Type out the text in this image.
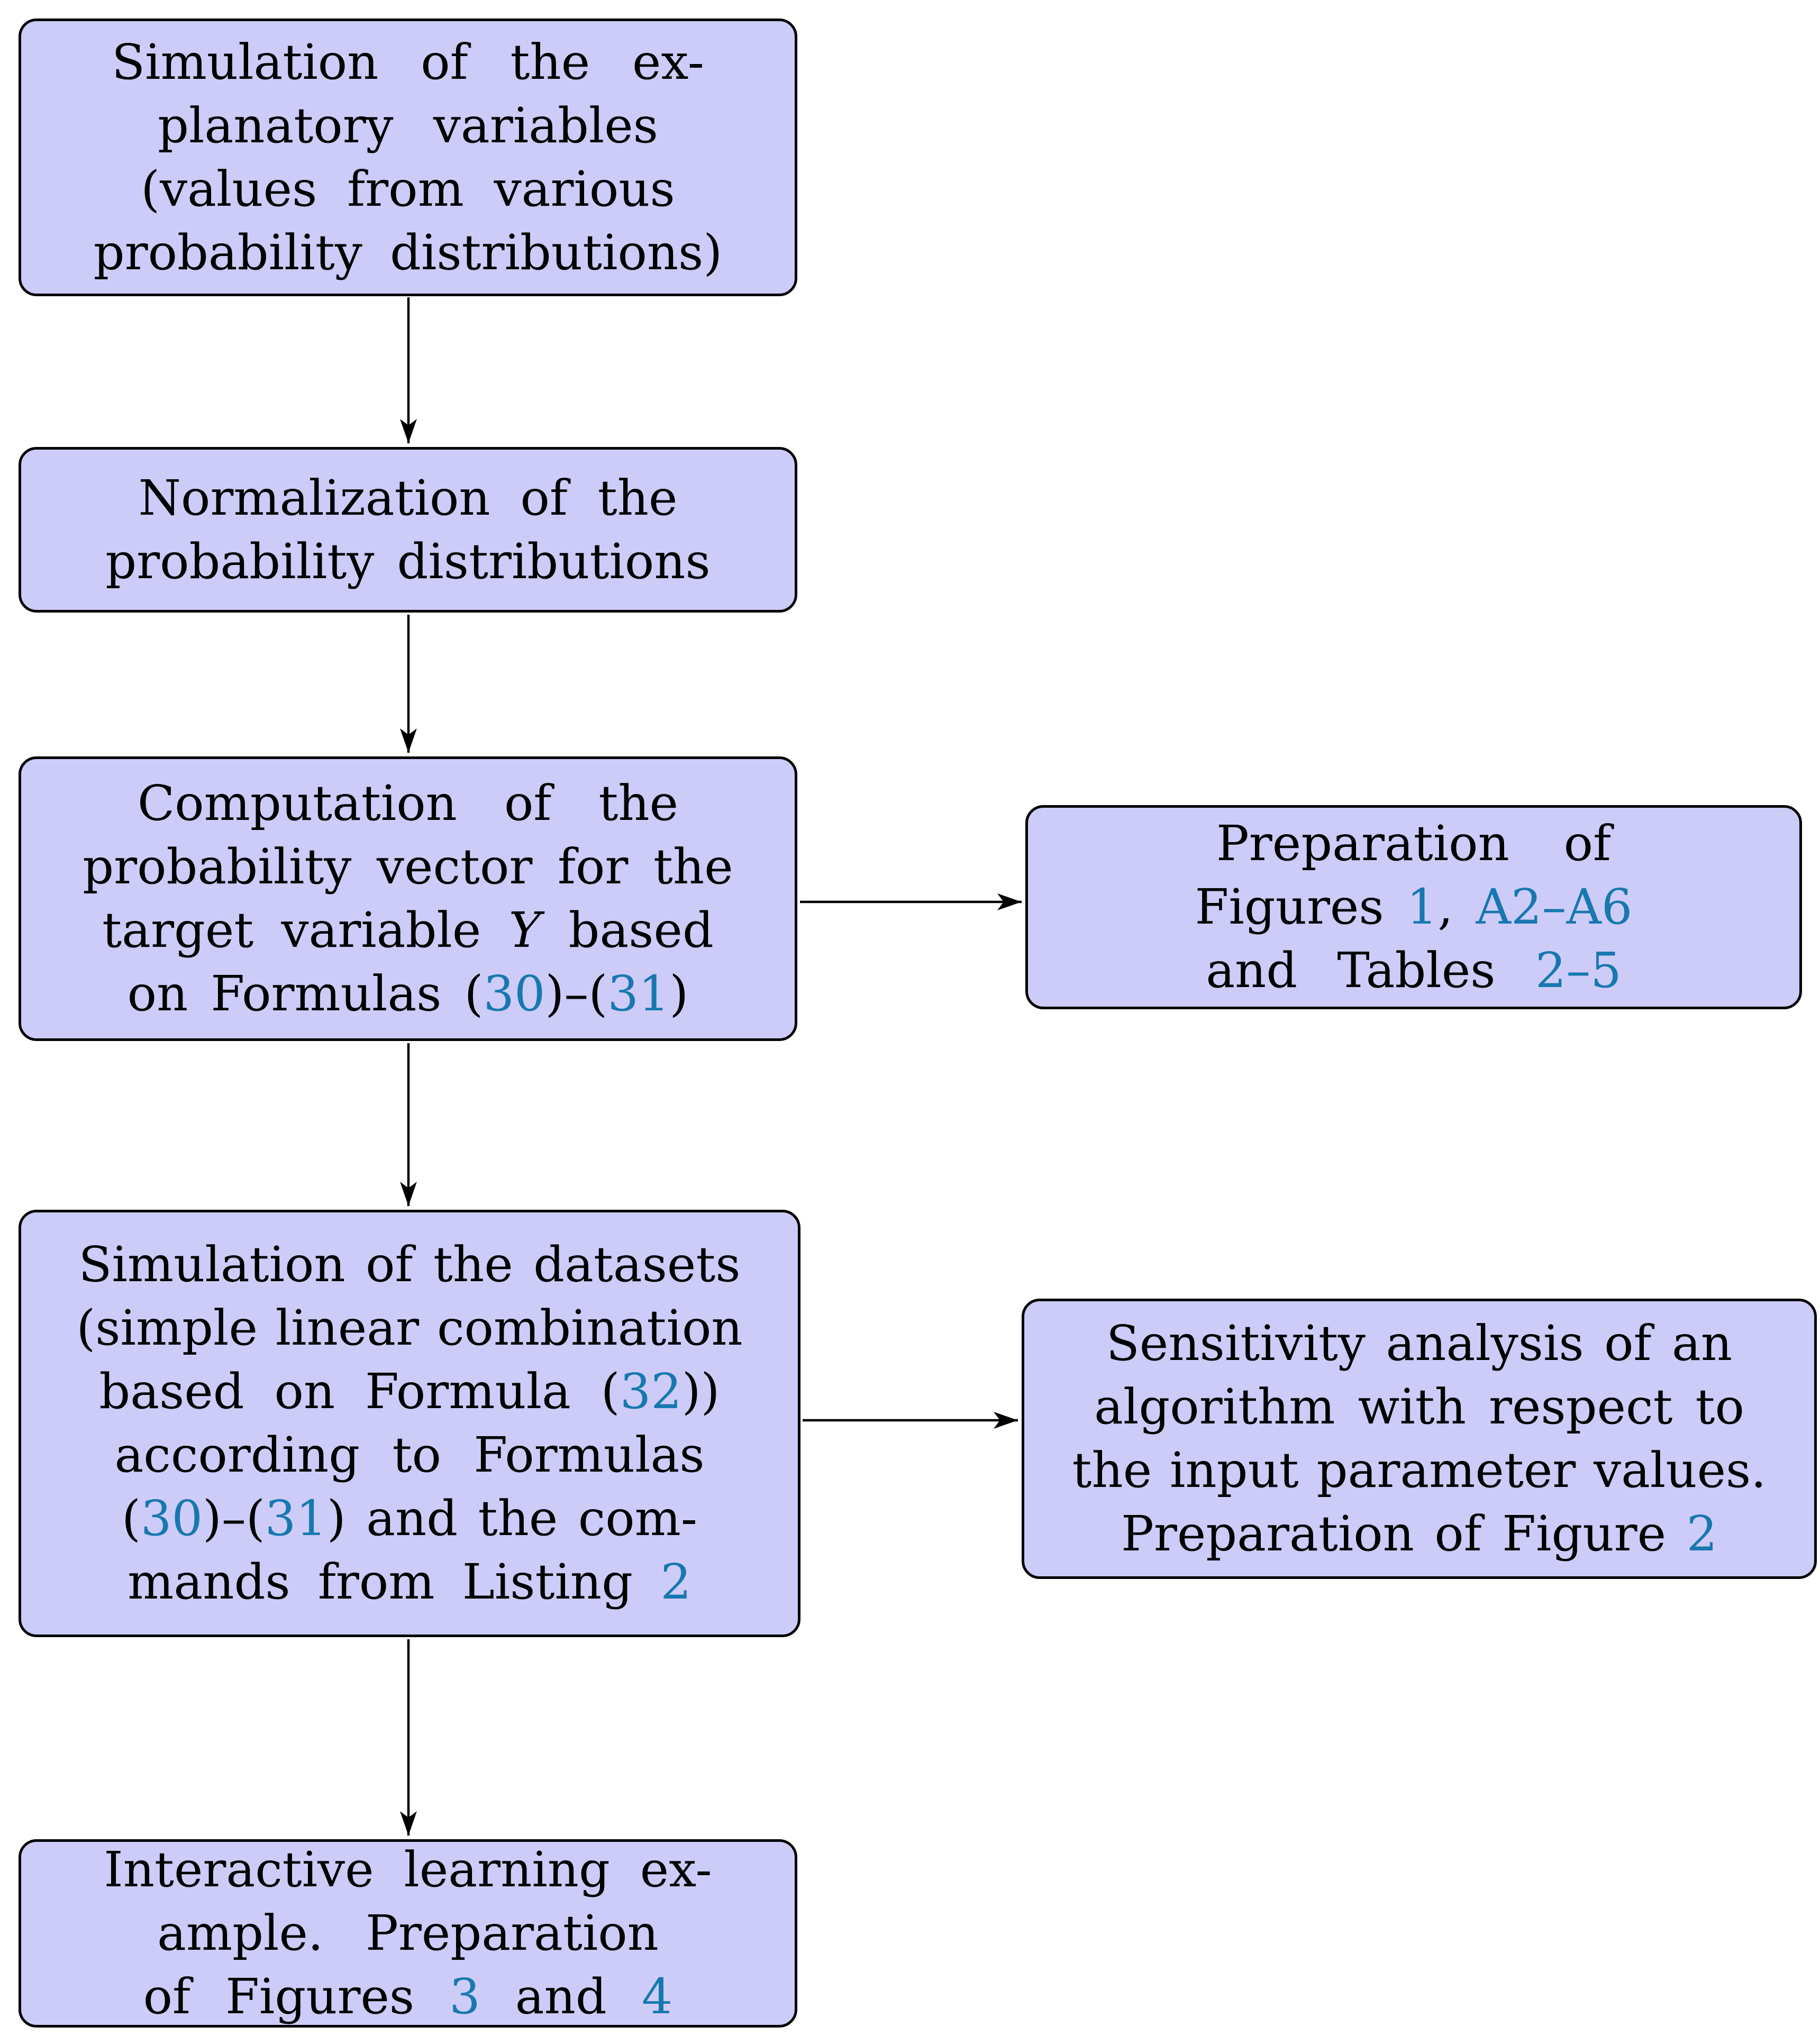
Simulation of the ex-
planatory variables
(values from various
probability distributions)
Normalization of the
probability distributions
Computation of the
probability vector for the
target variable Y based
on Formulas (30)–(31)
Preparation of
Figures 1, A2–A6
and Tables 2–5
Simulation of the datasets
(simple linear combination
based on Formula (32))
according to Formulas
(30)–(31) and the com-
mands from Listing 2
Sensitivity analysis of an
algorithm with respect to
the input parameter values.
Preparation of Figure 2
Interactive learning ex-
ample. Preparation
of Figures 3 and 4
